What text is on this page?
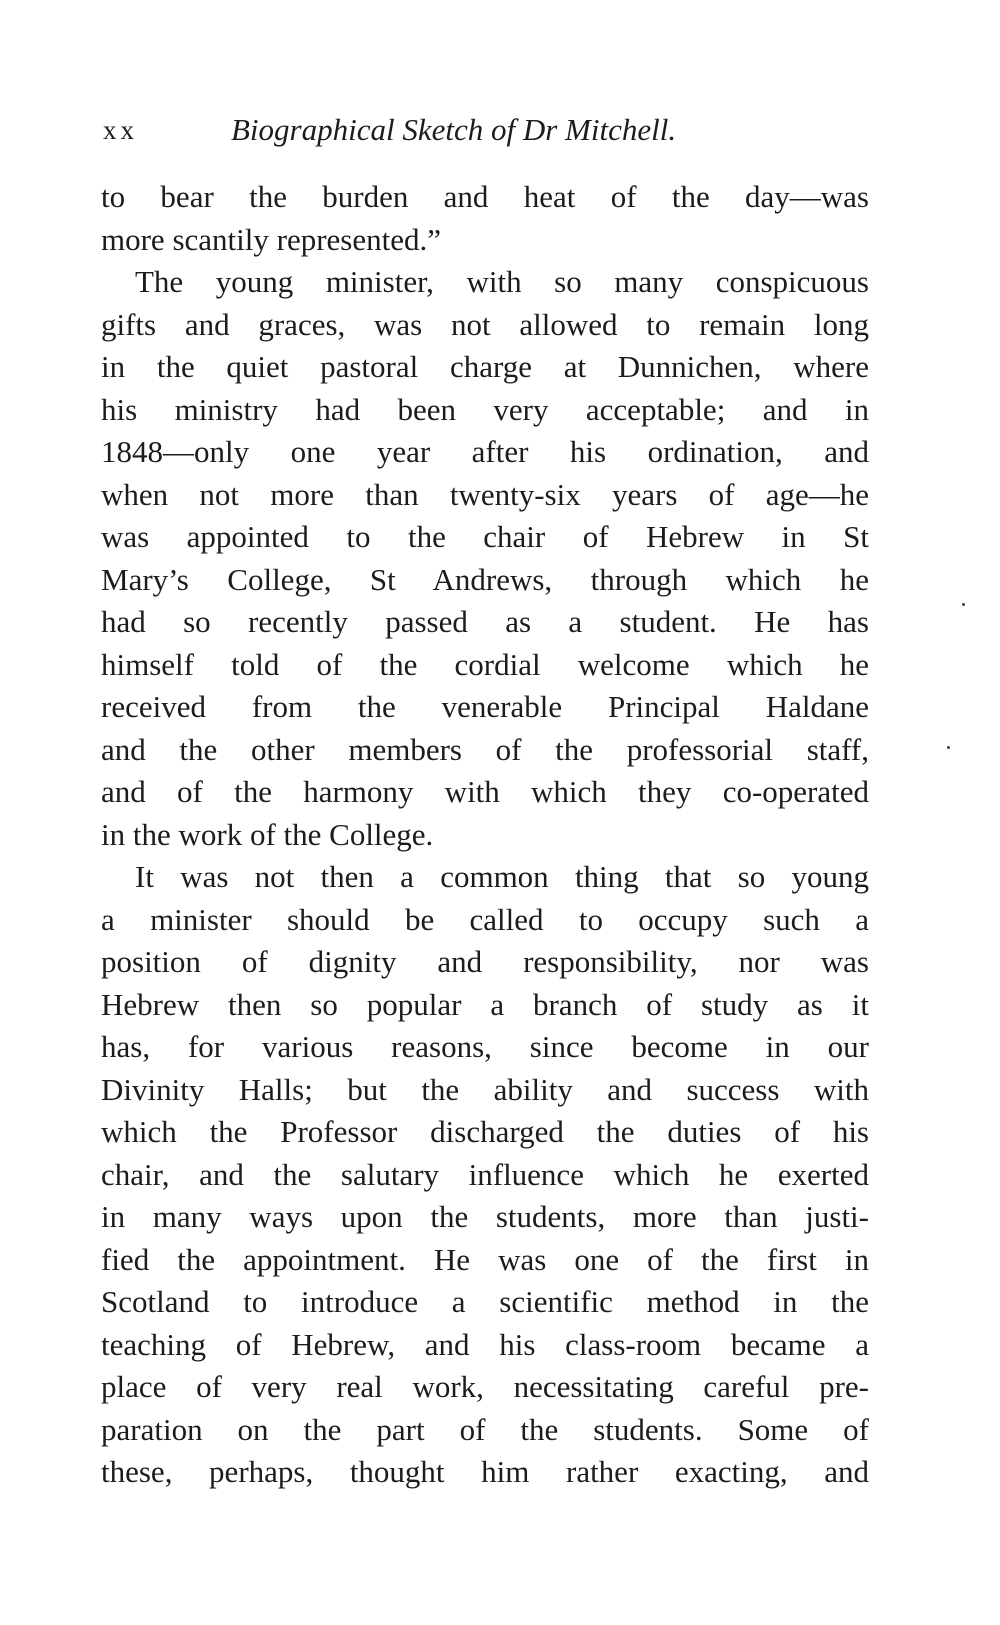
xx	Biographical Sketch of Dr Mitchell.
to bear the burden and heat of the day—was
more scantily represented.”
The young minister, with so many conspicuous
gifts and graces, was not allowed to remain long
in the quiet pastoral charge at Dunnichen, where
his ministry had been very acceptable; and in
1848—only one year after his ordination, and
when not more than twenty-six years of age—he
was appointed to the chair of Hebrew in St
Mary’s College, St Andrews, through which he
had so recently passed as a student. He has
himself told of the cordial welcome which he
received from the venerable Principal Haldane
and the other members of the professorial staff,
and of the harmony with which they co-operated
in the work of the College.
It was not then a common thing that so young
a minister should be called to occupy such a
position of dignity and responsibility, nor was
Hebrew then so popular a branch of study as it
has, for various reasons, since become in our
Divinity Halls; but the ability and success with
which the Professor discharged the duties of his
chair, and the salutary influence which he exerted
in many ways upon the students, more than justi-
fied the appointment. He was one of the first in
Scotland to introduce a scientific method in the
teaching of Hebrew, and his class-room became a
place of very real work, necessitating careful pre-
paration on the part of the students. Some of
these, perhaps, thought him rather exacting, and
